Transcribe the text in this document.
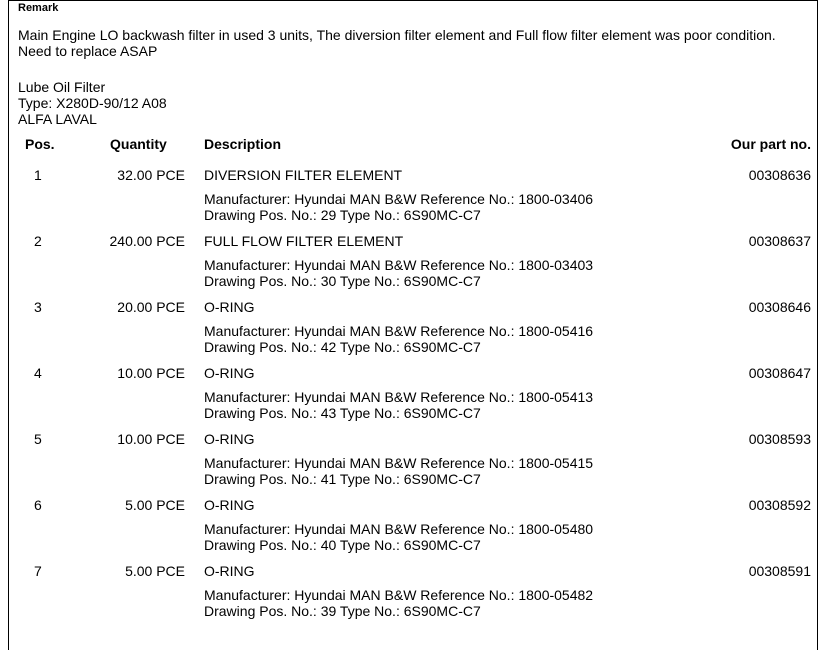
Remark
Main Engine LO backwash filter in used 3 units, The diversion filter element and Full flow filter element was poor condition.
Need to replace ASAP
Lube Oil Filter
Type: X280D-90/12 A08
ALFA LAVAL
Pos.	Quantity	Description	Our part no.
1	32.00 PCE DIVERSION FILTER ELEMENT	00308636
Manufacturer: Hyundai MAN B&W Reference No.: 1800-03406
Drawing Pos. No.: 29 Type No.: 6S90MC-C7
2	240.00 PCE FULL FLOW FILTER ELEMENT	00308637
Manufacturer: Hyundai MAN B&W Reference No.: 1800-03403
Drawing Pos. No.: 30 Type No.: 6S90MC-C7
3	20.00 PCE O-RING	00308646
Manufacturer: Hyundai MAN B&W Reference No.: 1800-05416
Drawing Pos. No.: 42 Type No.: 6S90MC-C7
4	10.00 PCE O-RING	00308647
Manufacturer: Hyundai MAN B&W Reference No.: 1800-05413
Drawing Pos. No.: 43 Type No.: 6S90MC-C7
5	10.00 PCE O-RING	00308593
Manufacturer: Hyundai MAN B&W Reference No.: 1800-05415
Drawing Pos. No.: 41 Type No.: 6S90MC-C7
6	5.00 PCE O-RING	00308592
Manufacturer: Hyundai MAN B&W Reference No.: 1800-05480
Drawing Pos. No.: 40 Type No.: 6S90MC-C7
7	5.00 PCE O-RING	00308591
Manufacturer: Hyundai MAN B&W Reference No.: 1800-05482
Drawing Pos. No.: 39 Type No.: 6S90MC-C7
